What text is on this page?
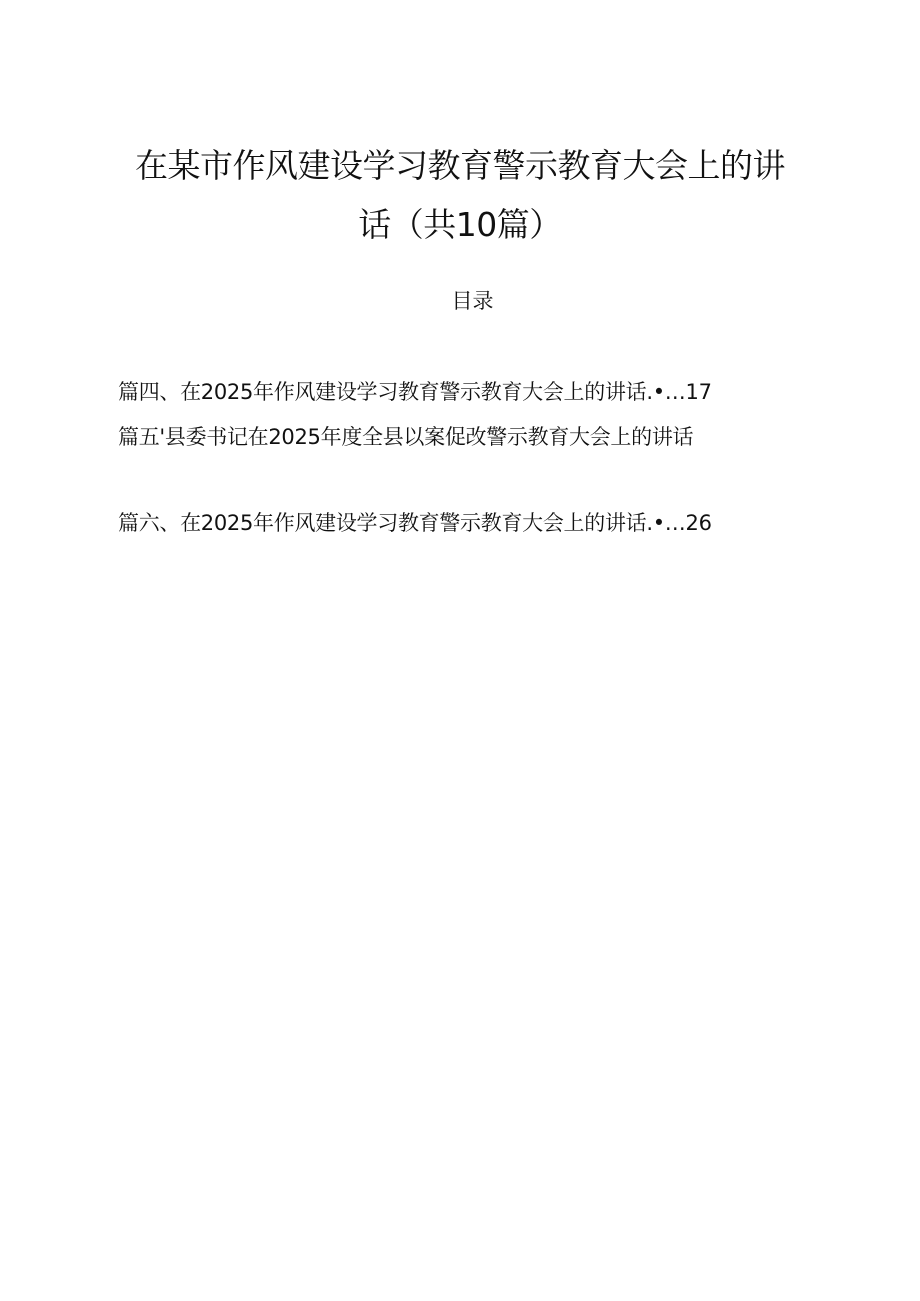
在某市作风建设学习教育警示教育大会上的讲
话（共10篇）
目录
篇四、在2025年作风建设学习教育警示教育大会上的讲话.•…17
篇五'县委书记在2025年度全县以案促改警示教育大会上的讲话
篇六、在2025年作风建设学习教育警示教育大会上的讲话.•…26
